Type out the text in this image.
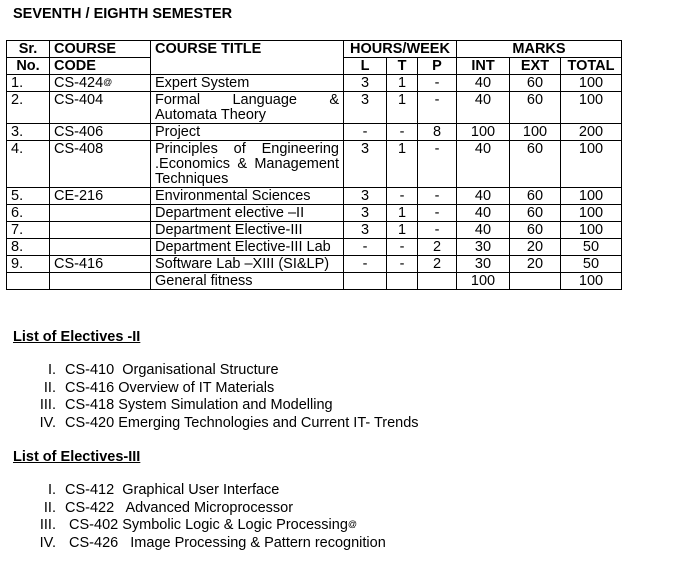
SEVENTH / EIGHTH SEMESTER
Sr.	COURSE	COURSE TITLE	HOURS/WEEK			MARKS		
No.	CODE		L	T	P	INT	EXT	TOTAL
1.	CS-424@	Expert System	3	1	-	40	60	100
2.	CS-404	Formal Language & Automata Theory	3	1	-	40	60	100
3.	CS-406	Project	-	-	8	100	100	200
4.	CS-408	Principles of Engineering .Economics & Management Techniques	3	1	-	40	60	100
5.	CE-216	Environmental Sciences	3	-	-	40	60	100
6.		Department elective –II	3	1	-	40	60	100
7.		Department Elective-III	3	1	-	40	60	100
8.		Department Elective-III Lab	-	-	2	30	20	50
9.	CS-416	Software Lab –XIII (SI&LP)	-	-	2	30	20	50
		General fitness				100		100
List of Electives -II
I. CS-410  Organisational Structure
II. CS-416 Overview of IT Materials
III. CS-418 System Simulation and Modelling
IV. CS-420 Emerging Technologies and Current IT- Trends
List of Electives-III
I. CS-412  Graphical User Interface
II. CS-422   Advanced Microprocessor
III. CS-402 Symbolic Logic & Logic Processing@
IV. CS-426   Image Processing & Pattern recognition
